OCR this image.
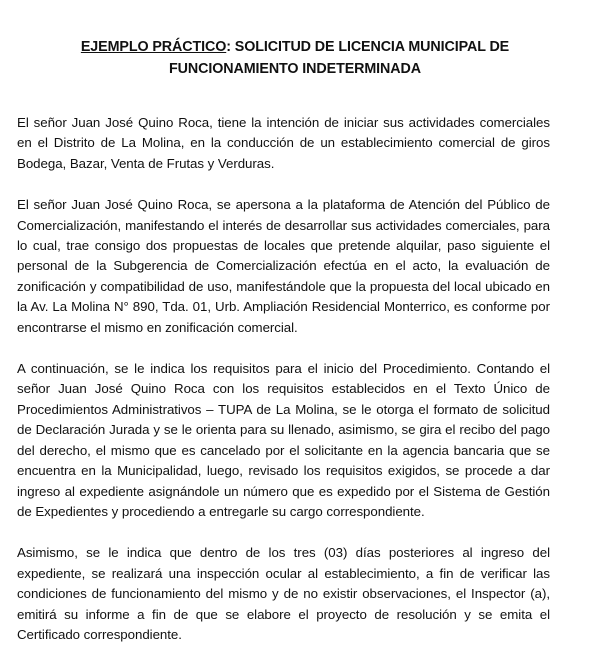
EJEMPLO PRÁCTICO: SOLICITUD DE LICENCIA MUNICIPAL DE FUNCIONAMIENTO INDETERMINADA

El señor Juan José Quino Roca, tiene la intención de iniciar sus actividades comerciales en el Distrito de La Molina, en la conducción de un establecimiento comercial de giros Bodega, Bazar, Venta de Frutas y Verduras.

El señor Juan José Quino Roca, se apersona a la plataforma de Atención del Público de Comercialización, manifestando el interés de desarrollar sus actividades comerciales, para lo cual, trae consigo dos propuestas de locales que pretende alquilar, paso siguiente el personal de la Subgerencia de Comercialización efectúa en el acto, la evaluación de zonificación y compatibilidad de uso, manifestándole que la propuesta del local ubicado en la Av. La Molina N° 890, Tda. 01, Urb. Ampliación Residencial Monterrico, es conforme por encontrarse el mismo en zonificación comercial.

A continuación, se le indica los requisitos para el inicio del Procedimiento. Contando el señor Juan José Quino Roca con los requisitos establecidos en el Texto Único de Procedimientos Administrativos – TUPA de La Molina, se le otorga el formato de solicitud de Declaración Jurada y se le orienta para su llenado, asimismo, se gira el recibo del pago del derecho, el mismo que es cancelado por el solicitante en la agencia bancaria que se encuentra en la Municipalidad, luego, revisado los requisitos exigidos, se procede a dar ingreso al expediente asignándole un número que es expedido por el Sistema de Gestión de Expedientes y procediendo a entregarle su cargo correspondiente.

Asimismo, se le indica que dentro de los tres (03) días posteriores al ingreso del expediente, se realizará una inspección ocular al establecimiento, a fin de verificar las condiciones de funcionamiento del mismo y de no existir observaciones, el Inspector (a), emitirá su informe a fin de que se elabore el proyecto de resolución y se emita el Certificado correspondiente.
